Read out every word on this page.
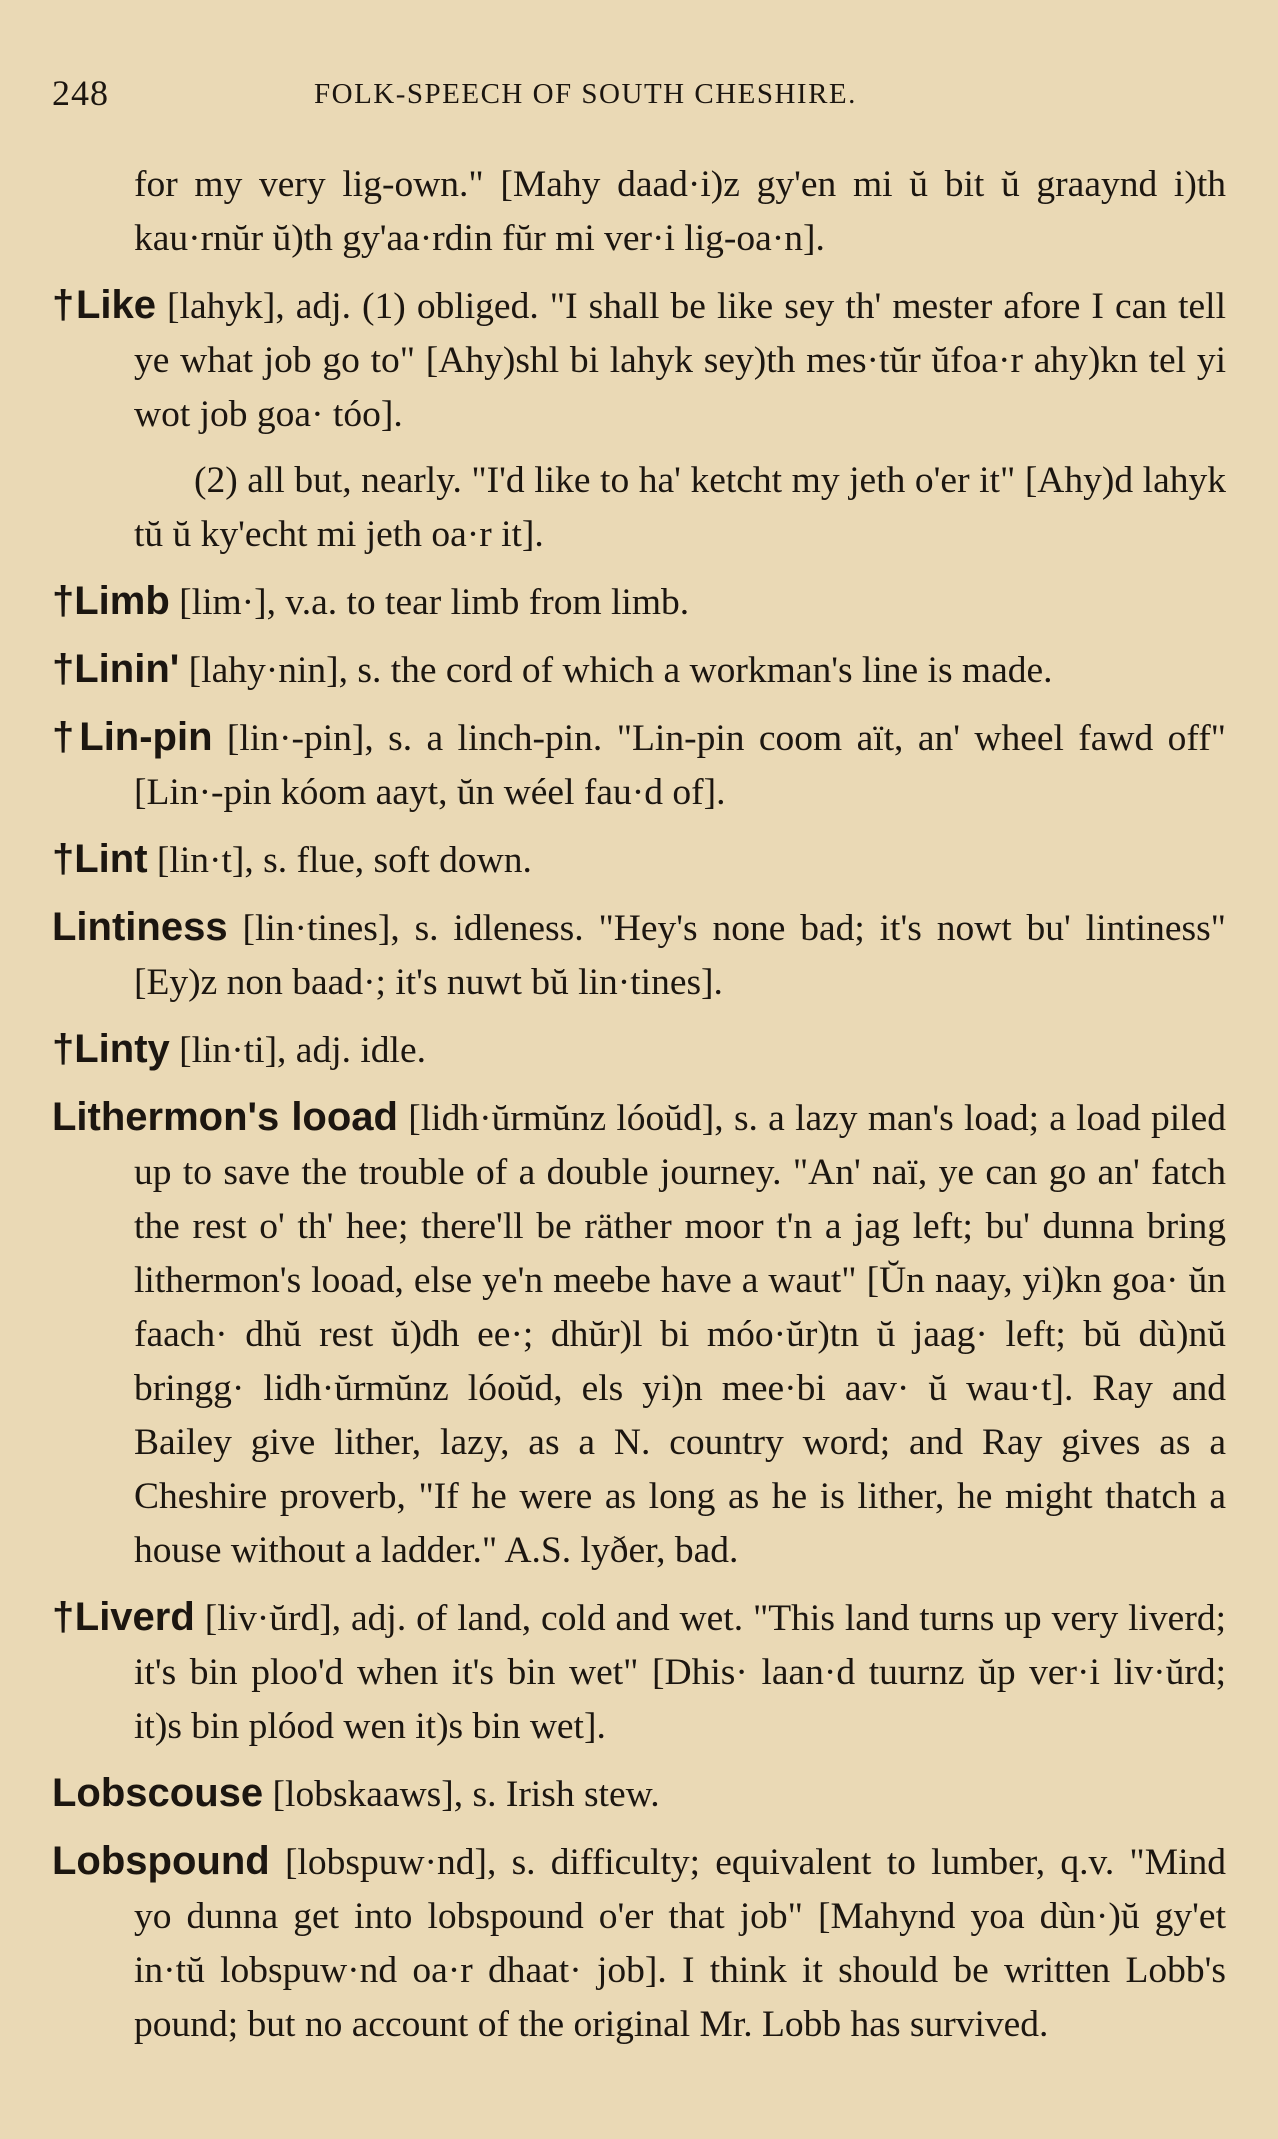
248	FOLK-SPEECH OF SOUTH CHESHIRE.

for my very lig-own." [Mahy daad·i)z gy'en mi ŭ bit ŭ graaynd i)th kau·rnŭr ŭ)th gy'aa·rdin fŭr mi ver·i lig-oa·n].

†Like [lahyk], adj. (1) obliged. "I shall be like sey th' mester afore I can tell ye what job go to" [Ahy)shl bi lahyk sey)th mes·tŭr ŭfoa·r ahy)kn tel yi wot job goa· tóo].

(2) all but, nearly. "I'd like to ha' ketcht my jeth o'er it" [Ahy)d lahyk tŭ ŭ ky'echt mi jeth oa·r it].

†Limb [lim·], v.a. to tear limb from limb.

†Linin' [lahy·nin], s. the cord of which a workman's line is made.

†Lin-pin [lin·-pin], s. a linch-pin. "Lin-pin coom aït, an' wheel fawd off" [Lin·-pin kóom aayt, ŭn wéel fau·d of].

†Lint [lin·t], s. flue, soft down.

Lintiness [lin·tines], s. idleness. "Hey's none bad; it's nowt bu' lintiness" [Ey)z non baad·; it's nuwt bŭ lin·tines].

†Linty [lin·ti], adj. idle.

Lithermon's looad [lidh·ŭrmŭnz lóoŭd], s. a lazy man's load; a load piled up to save the trouble of a double journey. "An' naï, ye can go an' fatch the rest o' th' hee; there'll be räther moor t'n a jag left; bu' dunna bring lithermon's looad, else ye'n meebe have a waut" [Ŭn naay, yi)kn goa· ŭn faach· dhŭ rest ŭ)dh ee·; dhŭr)l bi móo·ŭr)tn ŭ jaag· left; bŭ dù)nŭ bringg· lidh·ŭrmŭnz lóoŭd, els yi)n mee·bi aav· ŭ wau·t]. Ray and Bailey give lither, lazy, as a N. country word; and Ray gives as a Cheshire proverb, "If he were as long as he is lither, he might thatch a house without a ladder." A.S. lyðer, bad.

†Liverd [liv·ŭrd], adj. of land, cold and wet. "This land turns up very liverd; it's bin ploo'd when it's bin wet" [Dhis· laan·d tuurnz ŭp ver·i liv·ŭrd; it)s bin plóod wen it)s bin wet].

Lobscouse [lobskaaws], s. Irish stew.

Lobspound [lobspuw·nd], s. difficulty; equivalent to lumber, q.v. "Mind yo dunna get into lobspound o'er that job" [Mahynd yoa dùn·)ŭ gy'et in·tŭ lobspuw·nd oa·r dhaat· job]. I think it should be written Lobb's pound; but no account of the original Mr. Lobb has survived.
